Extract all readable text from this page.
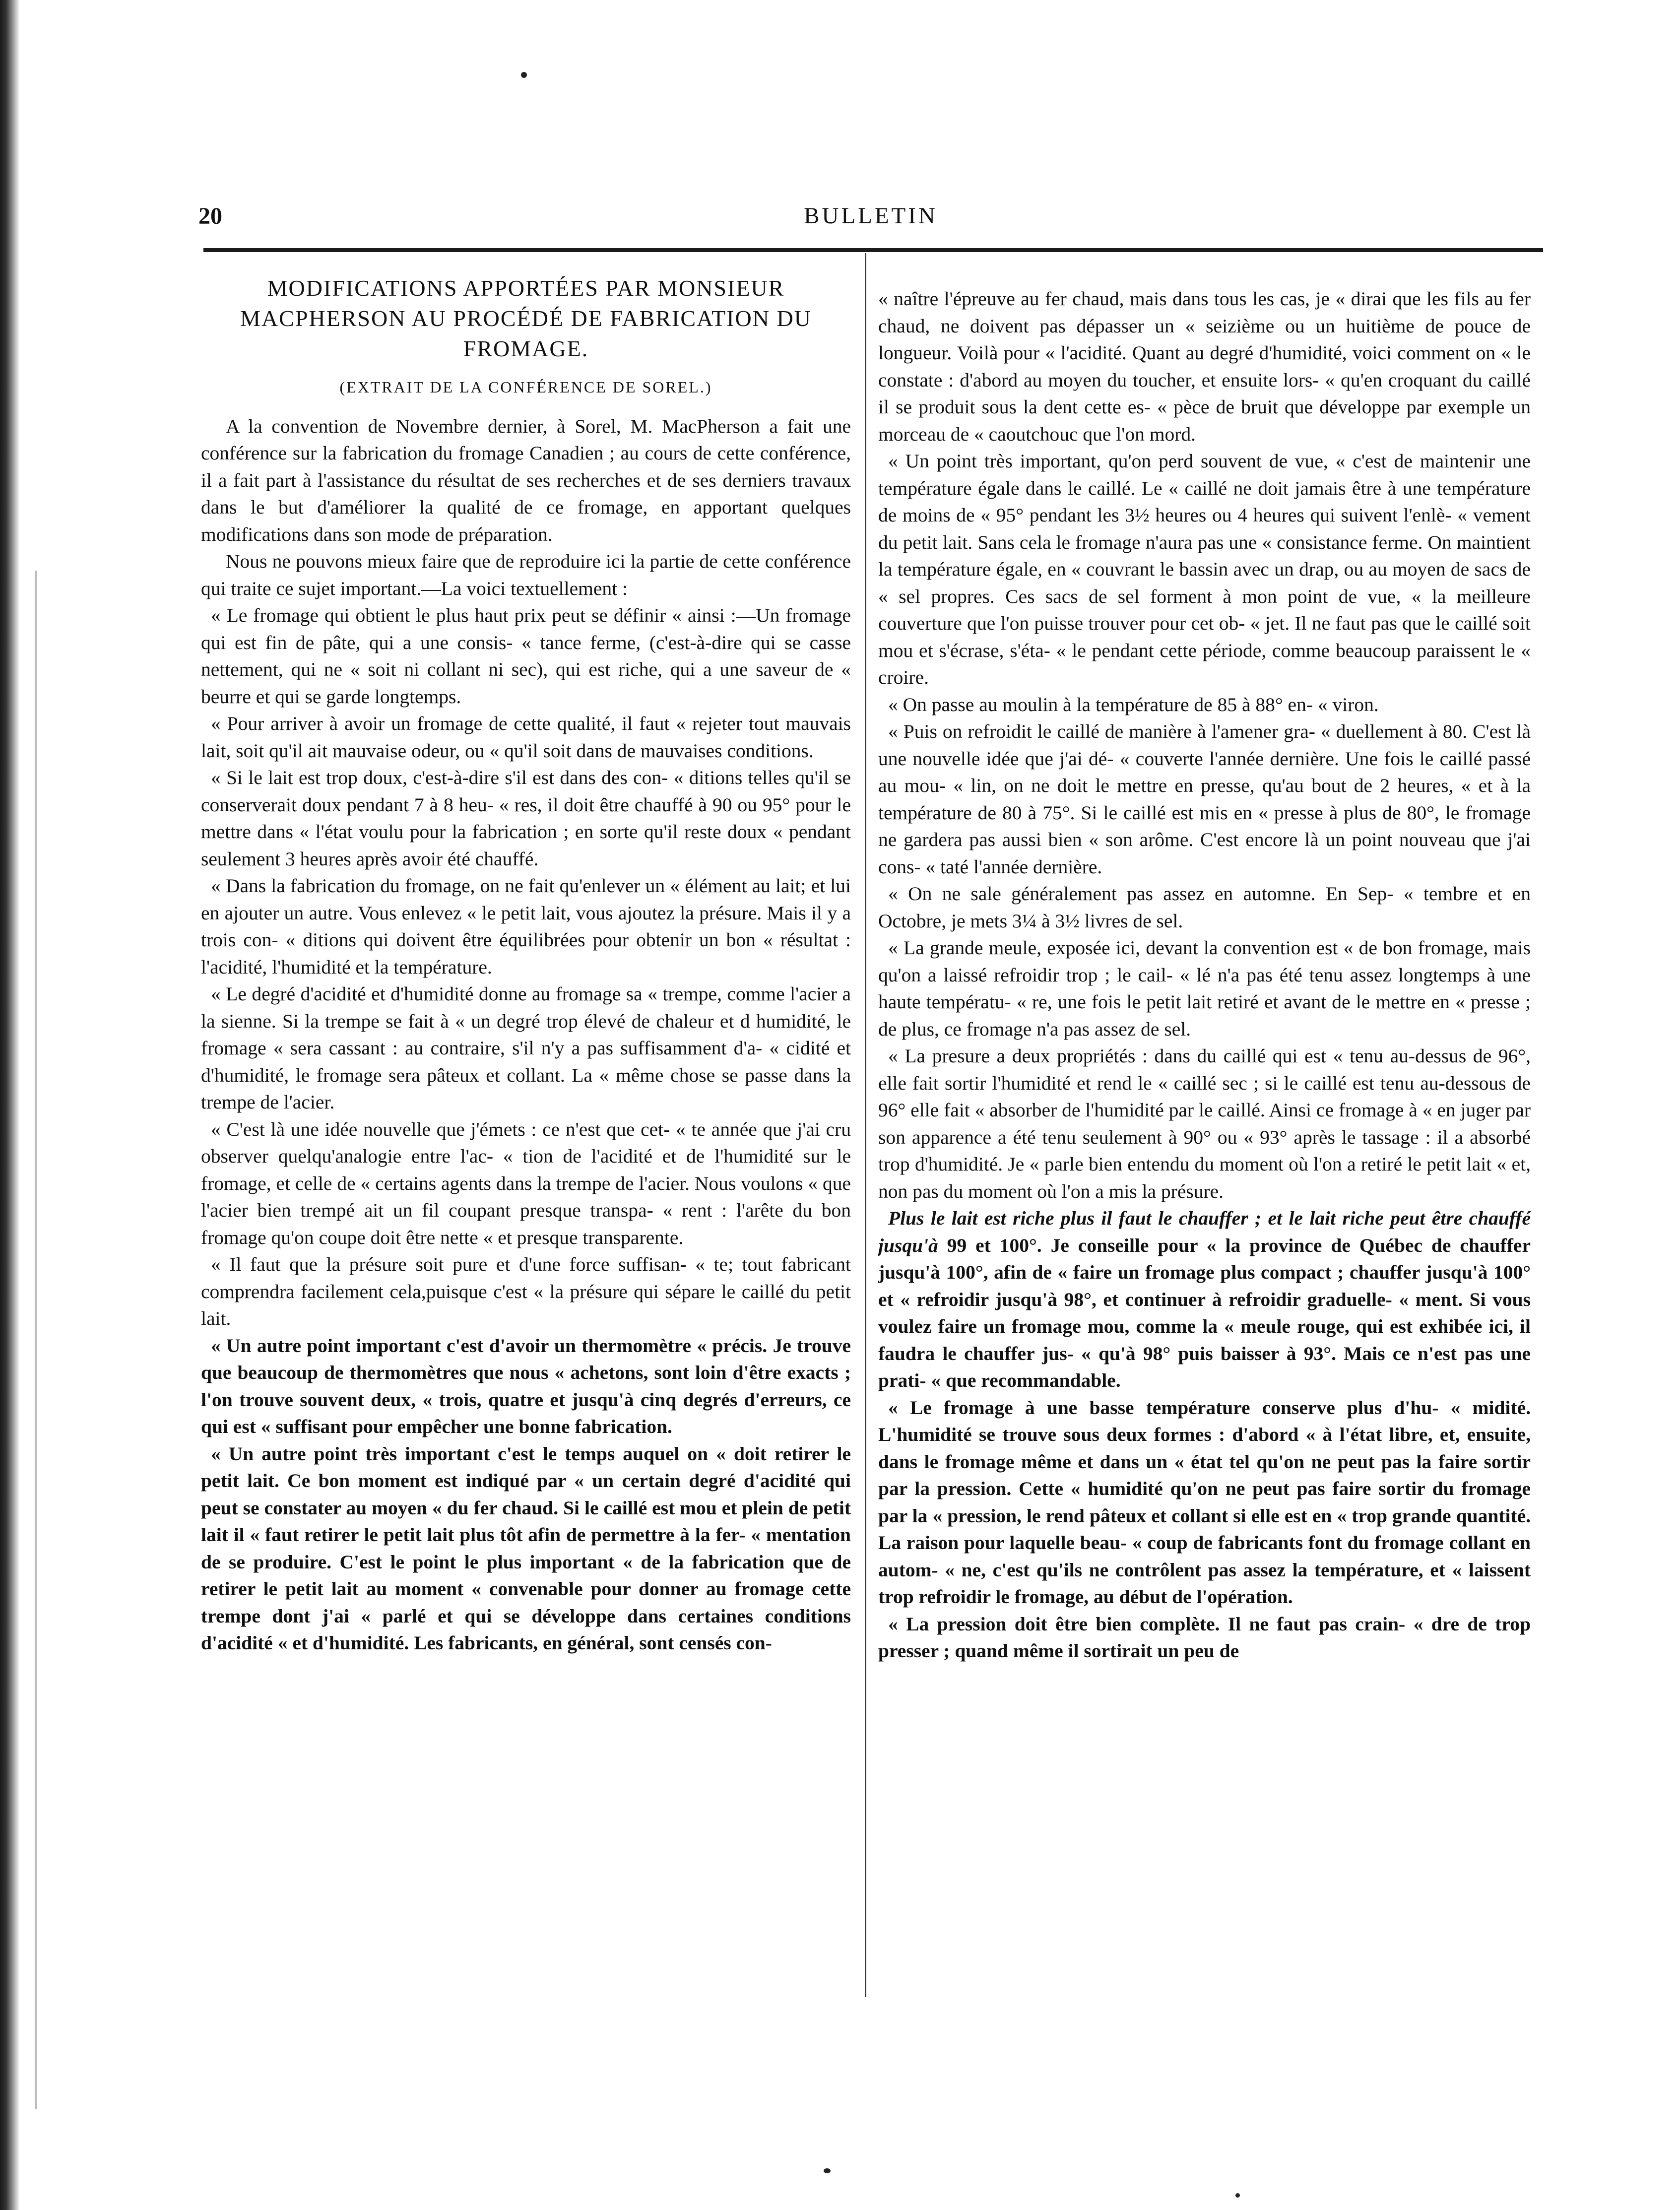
20	BULLETIN
MODIFICATIONS APPORTÉES PAR MONSIEUR MACPHERSON AU PROCÉDÉ DE FABRICATION DU FROMAGE.
(EXTRAIT DE LA CONFÉRENCE DE SOREL.)

A la convention de Novembre dernier, à Sorel, M. MacPherson a fait une conférence sur la fabrication du fromage Canadien ; au cours de cette conférence, il a fait part à l'assistance du résultat de ses recherches et de ses derniers travaux dans le but d'améliorer la qualité de ce fromage, en apportant quelques modifications dans son mode de préparation.

Nous ne pouvons mieux faire que de reproduire ici la partie de cette conférence qui traite ce sujet important.—La voici textuellement :

« Le fromage qui obtient le plus haut prix peut se définir « ainsi :—Un fromage qui est fin de pâte, qui a une consis- « tance ferme, (c'est-à-dire qui se casse nettement, qui ne « soit ni collant ni sec), qui est riche, qui a une saveur de « beurre et qui se garde longtemps.

« Pour arriver à avoir un fromage de cette qualité, il faut « rejeter tout mauvais lait, soit qu'il ait mauvaise odeur, ou « qu'il soit dans de mauvaises conditions.

« Si le lait est trop doux, c'est-à-dire s'il est dans des con- « ditions telles qu'il se conserverait doux pendant 7 à 8 heu- « res, il doit être chauffé à 90 ou 95° pour le mettre dans « l'état voulu pour la fabrication ; en sorte qu'il reste doux « pendant seulement 3 heures après avoir été chauffé.

« Dans la fabrication du fromage, on ne fait qu'enlever un « élément au lait; et lui en ajouter un autre. Vous enlevez « le petit lait, vous ajoutez la présure. Mais il y a trois con- « ditions qui doivent être équilibrées pour obtenir un bon « résultat : l'acidité, l'humidité et la température.

« Le degré d'acidité et d'humidité donne au fromage sa « trempe, comme l'acier a la sienne. Si la trempe se fait à « un degré trop élevé de chaleur et d humidité, le fromage « sera cassant : au contraire, s'il n'y a pas suffisamment d'a- « cidité et d'humidité, le fromage sera pâteux et collant. La « même chose se passe dans la trempe de l'acier.

« C'est là une idée nouvelle que j'émets : ce n'est que cet- « te année que j'ai cru observer quelqu'analogie entre l'ac- « tion de l'acidité et de l'humidité sur le fromage, et celle de « certains agents dans la trempe de l'acier. Nous voulons « que l'acier bien trempé ait un fil coupant presque transpa- « rent : l'arête du bon fromage qu'on coupe doit être nette « et presque transparente.

« Il faut que la présure soit pure et d'une force suffisan- « te; tout fabricant comprendra facilement cela,puisque c'est « la présure qui sépare le caillé du petit lait.

« Un autre point important c'est d'avoir un thermomètre « précis. Je trouve que beaucoup de thermomètres que nous « achetons, sont loin d'être exacts ; l'on trouve souvent deux, « trois, quatre et jusqu'à cinq degrés d'erreurs, ce qui est « suffisant pour empêcher une bonne fabrication.

« Un autre point très important c'est le temps auquel on « doit retirer le petit lait. Ce bon moment est indiqué par « un certain degré d'acidité qui peut se constater au moyen « du fer chaud. Si le caillé est mou et plein de petit lait il « faut retirer le petit lait plus tôt afin de permettre à la fer- « mentation de se produire. C'est le point le plus important « de la fabrication que de retirer le petit lait au moment « convenable pour donner au fromage cette trempe dont j'ai « parlé et qui se développe dans certaines conditions d'acidité « et d'humidité. Les fabricants, en général, sont censés con-

« naître l'épreuve au fer chaud, mais dans tous les cas, je « dirai que les fils au fer chaud, ne doivent pas dépasser un « seizième ou un huitième de pouce de longueur. Voilà pour « l'acidité. Quant au degré d'humidité, voici comment on « le constate : d'abord au moyen du toucher, et ensuite lors- « qu'en croquant du caillé il se produit sous la dent cette es- « pèce de bruit que développe par exemple un morceau de « caoutchouc que l'on mord.

« Un point très important, qu'on perd souvent de vue, « c'est de maintenir une température égale dans le caillé. Le « caillé ne doit jamais être à une température de moins de « 95° pendant les 3½ heures ou 4 heures qui suivent l'enlè- « vement du petit lait. Sans cela le fromage n'aura pas une « consistance ferme. On maintient la température égale, en « couvrant le bassin avec un drap, ou au moyen de sacs de « sel propres. Ces sacs de sel forment à mon point de vue, « la meilleure couverture que l'on puisse trouver pour cet ob- « jet. Il ne faut pas que le caillé soit mou et s'écrase, s'éta- « le pendant cette période, comme beaucoup paraissent le « croire.

« On passe au moulin à la température de 85 à 88° en- « viron.

« Puis on refroidit le caillé de manière à l'amener gra- « duellement à 80. C'est là une nouvelle idée que j'ai dé- « couverte l'année dernière. Une fois le caillé passé au mou- « lin, on ne doit le mettre en presse, qu'au bout de 2 heures, « et à la température de 80 à 75°. Si le caillé est mis en « presse à plus de 80°, le fromage ne gardera pas aussi bien « son arôme. C'est encore là un point nouveau que j'ai cons- « taté l'année dernière.

« On ne sale généralement pas assez en automne. En Sep- « tembre et en Octobre, je mets 3¼ à 3½ livres de sel.

« La grande meule, exposée ici, devant la convention est « de bon fromage, mais qu'on a laissé refroidir trop ; le cail- « lé n'a pas été tenu assez longtemps à une haute températu- « re, une fois le petit lait retiré et avant de le mettre en « presse ; de plus, ce fromage n'a pas assez de sel.

« La presure a deux propriétés : dans du caillé qui est « tenu au-dessus de 96°, elle fait sortir l'humidité et rend le « caillé sec ; si le caillé est tenu au-dessous de 96° elle fait « absorber de l'humidité par le caillé. Ainsi ce fromage à « en juger par son apparence a été tenu seulement à 90° ou « 93° après le tassage : il a absorbé trop d'humidité. Je « parle bien entendu du moment où l'on a retiré le petit lait « et, non pas du moment où l'on a mis la présure.

Plus le lait est riche plus il faut le chauffer ; et le lait riche peut être chauffé jusqu'à 99 et 100°. Je conseille pour « la province de Québec de chauffer jusqu'à 100°, afin de « faire un fromage plus compact ; chauffer jusqu'à 100° et « refroidir jusqu'à 98°, et continuer à refroidir graduelle- « ment. Si vous voulez faire un fromage mou, comme la « meule rouge, qui est exhibée ici, il faudra le chauffer jus- « qu'à 98° puis baisser à 93°. Mais ce n'est pas une prati- « que recommandable.

« Le fromage à une basse température conserve plus d'hu- « midité. L'humidité se trouve sous deux formes : d'abord « à l'état libre, et, ensuite, dans le fromage même et dans un « état tel qu'on ne peut pas la faire sortir par la pression. Cette « humidité qu'on ne peut pas faire sortir du fromage par la « pression, le rend pâteux et collant si elle est en « trop grande quantité. La raison pour laquelle beau- « coup de fabricants font du fromage collant en autom- « ne, c'est qu'ils ne contrôlent pas assez la température, et « laissent trop refroidir le fromage, au début de l'opération.

« La pression doit être bien complète. Il ne faut pas crain- « dre de trop presser ; quand même il sortirait un peu de
